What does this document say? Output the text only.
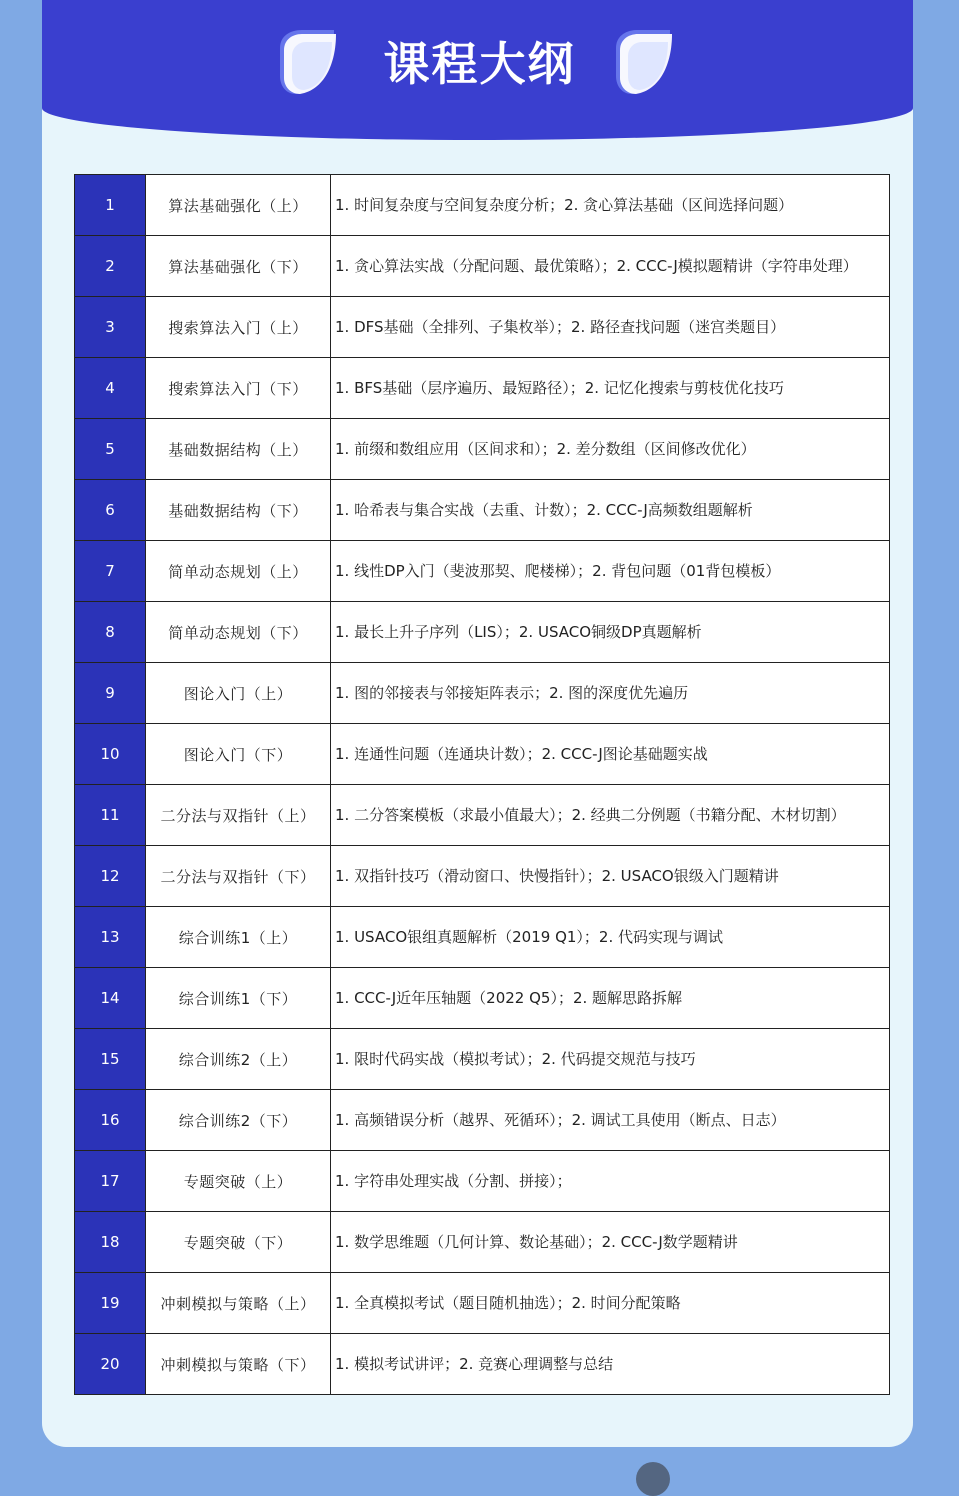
课程大纲
1	算法基础强化（上）	1. 时间复杂度与空间复杂度分析；2. 贪心算法基础（区间选择问题）
2	算法基础强化（下）	1. 贪心算法实战（分配问题、最优策略）；2. CCC-J模拟题精讲（字符串处理）
3	搜索算法入门（上）	1. DFS基础（全排列、子集枚举）；2. 路径查找问题（迷宫类题目）
4	搜索算法入门（下）	1. BFS基础（层序遍历、最短路径）；2. 记忆化搜索与剪枝优化技巧
5	基础数据结构（上）	1. 前缀和数组应用（区间求和）；2. 差分数组（区间修改优化）
6	基础数据结构（下）	1. 哈希表与集合实战（去重、计数）；2. CCC-J高频数组题解析
7	简单动态规划（上）	1. 线性DP入门（斐波那契、爬楼梯）；2. 背包问题（01背包模板）
8	简单动态规划（下）	1. 最长上升子序列（LIS）；2. USACO铜级DP真题解析
9	图论入门（上）	1. 图的邻接表与邻接矩阵表示；2. 图的深度优先遍历
10	图论入门（下）	1. 连通性问题（连通块计数）；2. CCC-J图论基础题实战
11	二分法与双指针（上）	1. 二分答案模板（求最小值最大）；2. 经典二分例题（书籍分配、木材切割）
12	二分法与双指针（下）	1. 双指针技巧（滑动窗口、快慢指针）；2. USACO银级入门题精讲
13	综合训练1（上）	1. USACO银组真题解析（2019 Q1）；2. 代码实现与调试
14	综合训练1（下）	1. CCC-J近年压轴题（2022 Q5）；2. 题解思路拆解
15	综合训练2（上）	1. 限时代码实战（模拟考试）；2. 代码提交规范与技巧
16	综合训练2（下）	1. 高频错误分析（越界、死循环）；2. 调试工具使用（断点、日志）
17	专题突破（上）	1. 字符串处理实战（分割、拼接）；
18	专题突破（下）	1. 数学思维题（几何计算、数论基础）；2. CCC-J数学题精讲
19	冲刺模拟与策略（上）	1. 全真模拟考试（题目随机抽选）；2. 时间分配策略
20	冲刺模拟与策略（下）	1. 模拟考试讲评；2. 竞赛心理调整与总结
